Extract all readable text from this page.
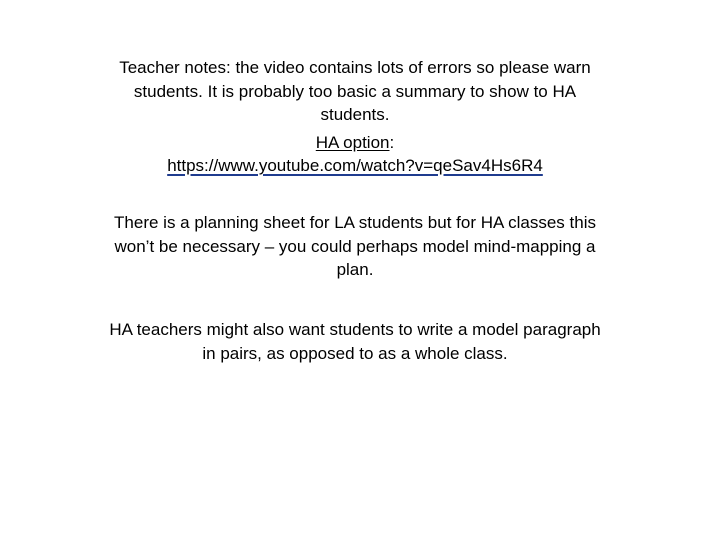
Teacher notes: the video contains lots of errors so please warn students. It is probably too basic a summary to show to HA students.

HA option:
https://www.youtube.com/watch?v=qeSav4Hs6R4

There is a planning sheet for LA students but for HA classes this won’t be necessary – you could perhaps model mind-mapping a plan.

HA teachers might also want students to write a model paragraph in pairs, as opposed to as a whole class.
